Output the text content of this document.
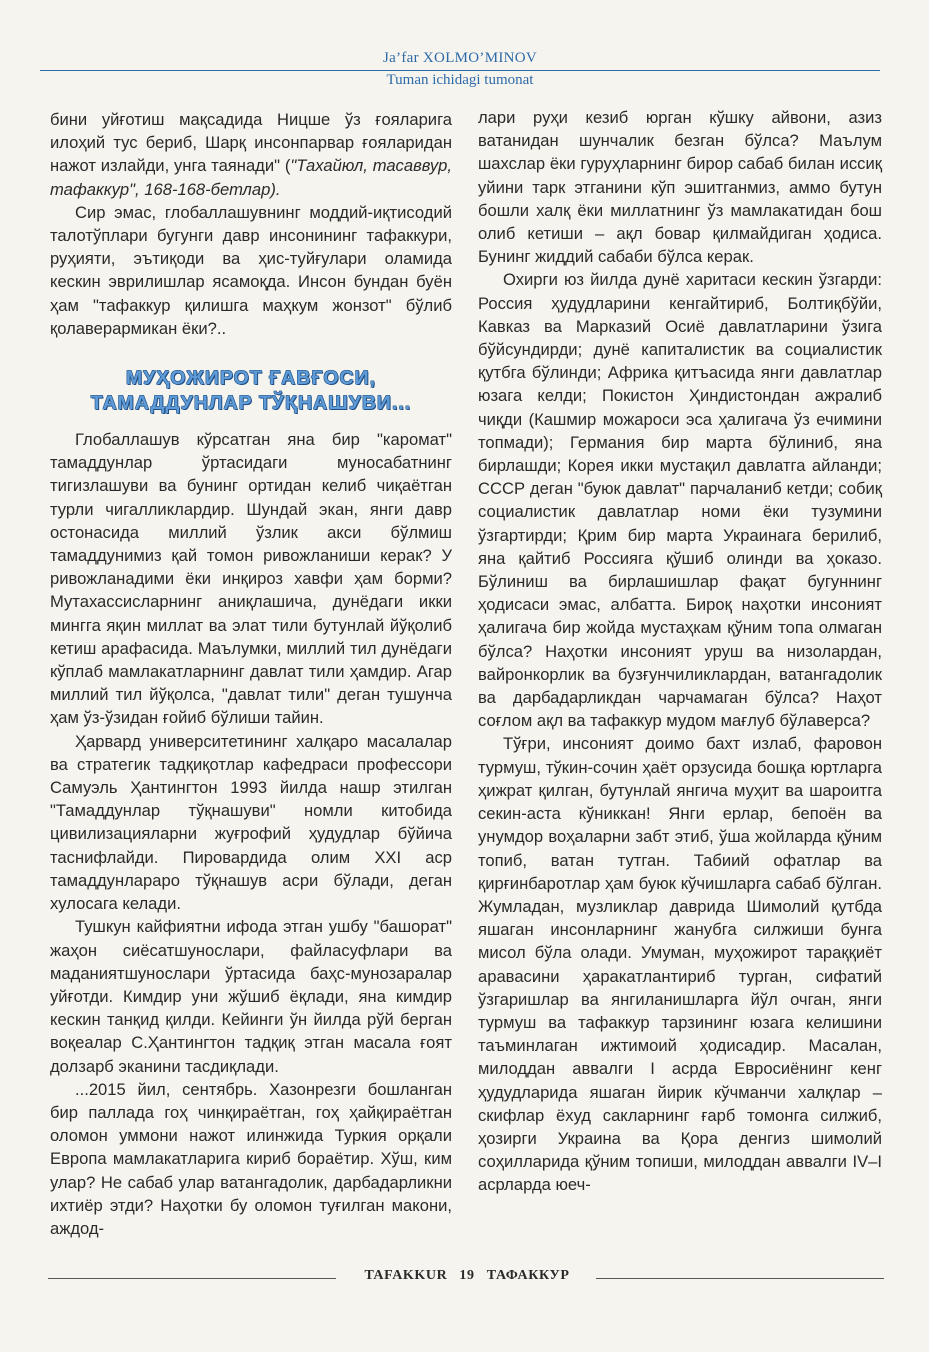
Ja’far XOLMO’MINOV
Tuman ichidagi tumonat

бини уйғотиш мақсадида Ницше ўз ғояларига илоҳий тус бериб, Шарқ инсонпарвар ғояларидан нажот излайди, унга таянади" ("Тахайюл, тасаввур, тафаккур", 168-168-бетлар).

Сир эмас, глобаллашувнинг моддий-иқтисодий талотўплари бугунги давр инсонининг тафаккури, руҳияти, эътиқоди ва ҳис-туйғулари оламида кескин эврилишлар ясамоқда. Инсон бундан буён ҳам "тафаккур қилишга маҳкум жонзот" бўлиб қолаверармикан ёки?..

МУҲОЖИРОТ ҒАВҒОСИ,
ТАМАДДУНЛАР ТЎҚНАШУВИ...

Глобаллашув кўрсатган яна бир "каромат" тамаддунлар ўртасидаги муносабатнинг тигизлашуви ва бунинг ортидан келиб чиқаётган турли чигалликлардир. Шундай экан, янги давр остонасида миллий ўзлик акси бўлмиш тамаддунимиз қай томон ривожланиши керак? У ривожланадими ёки инқироз хавфи ҳам борми? Мутахассисларнинг аниқлашича, дунёдаги икки мингга яқин миллат ва элат тили бутунлай йўқолиб кетиш арафасида. Маълумки, миллий тил дунёдаги кўплаб мамлакатларнинг давлат тили ҳамдир. Агар миллий тил йўқолса, "давлат тили" деган тушунча ҳам ўз-ўзидан ғойиб бўлиши тайин.

Ҳарвард университетининг халқаро масалалар ва стратегик тадқиқотлар кафедраси профессори Самуэль Ҳантингтон 1993 йилда нашр этилган "Тамаддунлар тўқнашуви" номли китобида цивилизацияларни жуғрофий ҳудудлар бўйича таснифлайди. Пировардида олим XXI аср тамаддунлараро тўқнашув асри бўлади, деган хулосага келади.

Тушкун кайфиятни ифода этган ушбу "башорат" жаҳон сиёсатшунослари, файласуфлари ва маданиятшунослари ўртасида баҳс-мунозаралар уйғотди. Кимдир уни жўшиб ёқлади, яна кимдир кескин танқид қилди. Кейинги ўн йилда рўй берган воқеалар С.Ҳантингтон тадқиқ этган масала ғоят долзарб эканини тасдиқлади.

...2015 йил, сентябрь. Хазонрезги бошланган бир паллада гоҳ чинқираётган, гоҳ ҳайқираётган оломон уммони нажот илинжида Туркия орқали Европа мамлакатларига кириб бораётир. Хўш, ким улар? Не сабаб улар ватангадолик, дарбадарликни ихтиёр этди? Наҳотки бу оломон туғилган макони, аждод-

лари руҳи кезиб юрган кўшку айвони, азиз ватанидан шунчалик безган бўлса? Маълум шахслар ёки гуруҳларнинг бирор сабаб билан иссиқ уйини тарк этганини кўп эшитганмиз, аммо бутун бошли халқ ёки миллатнинг ўз мамлакатидан бош олиб кетиши – ақл бовар қилмайдиган ҳодиса. Бунинг жиддий сабаби бўлса керак.

Охирги юз йилда дунё харитаси кескин ўзгарди: Россия ҳудудларини кенгайтириб, Болтиқбўйи, Кавказ ва Марказий Осиё давлатларини ўзига бўйсундирди; дунё капиталистик ва социалистик қутбга бўлинди; Африка қитъасида янги давлатлар юзага келди; Покистон Ҳиндистондан ажралиб чиқди (Кашмир можароси эса ҳалигача ўз ечимини топмади); Германия бир марта бўлиниб, яна бирлашди; Корея икки мустақил давлатга айланди; СССР деган "буюк давлат" парчаланиб кетди; собиқ социалистик давлатлар номи ёки тузумини ўзгартирди; Қрим бир марта Украинага берилиб, яна қайтиб Россияга қўшиб олинди ва ҳоказо. Бўлиниш ва бирлашишлар фақат бугуннинг ҳодисаси эмас, албатта. Бироқ наҳотки инсоният ҳалигача бир жойда мустаҳкам қўним топа олмаган бўлса? Наҳотки инсоният уруш ва низолардан, вайронкорлик ва бузғунчиликлардан, ватангадолик ва дарбадарликдан чарчамаган бўлса? Наҳот соғлом ақл ва тафаккур мудом мағлуб бўлаверса?

Тўғри, инсоният доимо бахт излаб, фаровон турмуш, тўкин-сочин ҳаёт орзусида бошқа юртларга ҳижрат қилган, бутунлай янгича муҳит ва шароитга секин-аста кўниккан! Янги ерлар, бепоён ва унумдор воҳаларни забт этиб, ўша жойларда қўним топиб, ватан тутган. Табиий офатлар ва қирғинбаротлар ҳам буюк кўчишларга сабаб бўлган. Жумладан, музликлар даврида Шимолий қутбда яшаган инсонларнинг жанубга силжиши бунга мисол бўла олади. Умуман, муҳожирот тараққиёт аравасини ҳаракатлантириб турган, сифатий ўзгаришлар ва янгиланишларга йўл очган, янги турмуш ва тафаккур тарзининг юзага келишини таъминлаган ижтимоий ҳодисадир. Масалан, милоддан аввалги I асрда Евросиёнинг кенг ҳудудларида яшаган йирик кўчманчи халқлар – скифлар ёхуд сакларнинг ғарб томонга силжиб, ҳозирги Украина ва Қора денгиз шимолий соҳилларида қўним топиши, милоддан аввалги IV–I асрларда юеч-

TAFAKKUR 19 ТАФАККУР
